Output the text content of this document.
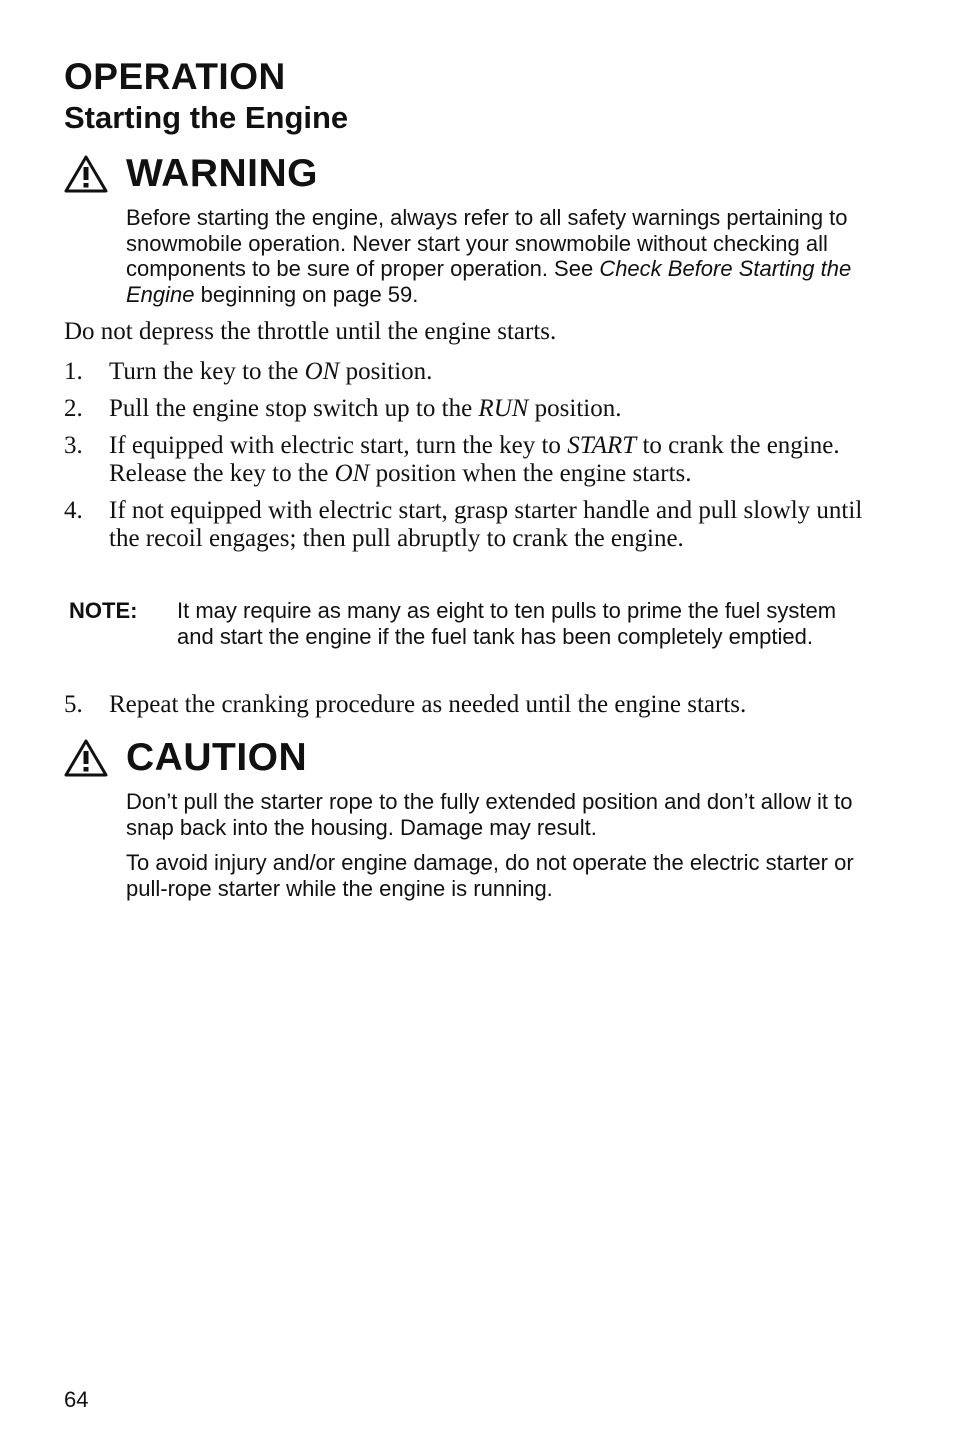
OPERATION
Starting the Engine
WARNING

Before starting the engine, always refer to all safety warnings pertaining to snowmobile operation. Never start your snowmobile without checking all components to be sure of proper operation. See Check Before Starting the Engine beginning on page 59.

Do not depress the throttle until the engine starts.
1.	Turn the key to the ON position.
2.	Pull the engine stop switch up to the RUN position.
3.	If equipped with electric start, turn the key to START to crank the engine. Release the key to the ON position when the engine starts.
4.	If not equipped with electric start, grasp starter handle and pull slowly until the recoil engages; then pull abruptly to crank the engine.
NOTE:	It may require as many as eight to ten pulls to prime the fuel system and start the engine if the fuel tank has been completely emptied.
5.	Repeat the cranking procedure as needed until the engine starts.
CAUTION

Don’t pull the starter rope to the fully extended position and don’t allow it to snap back into the housing. Damage may result.

To avoid injury and/or engine damage, do not operate the electric starter or pull-rope starter while the engine is running.

64
